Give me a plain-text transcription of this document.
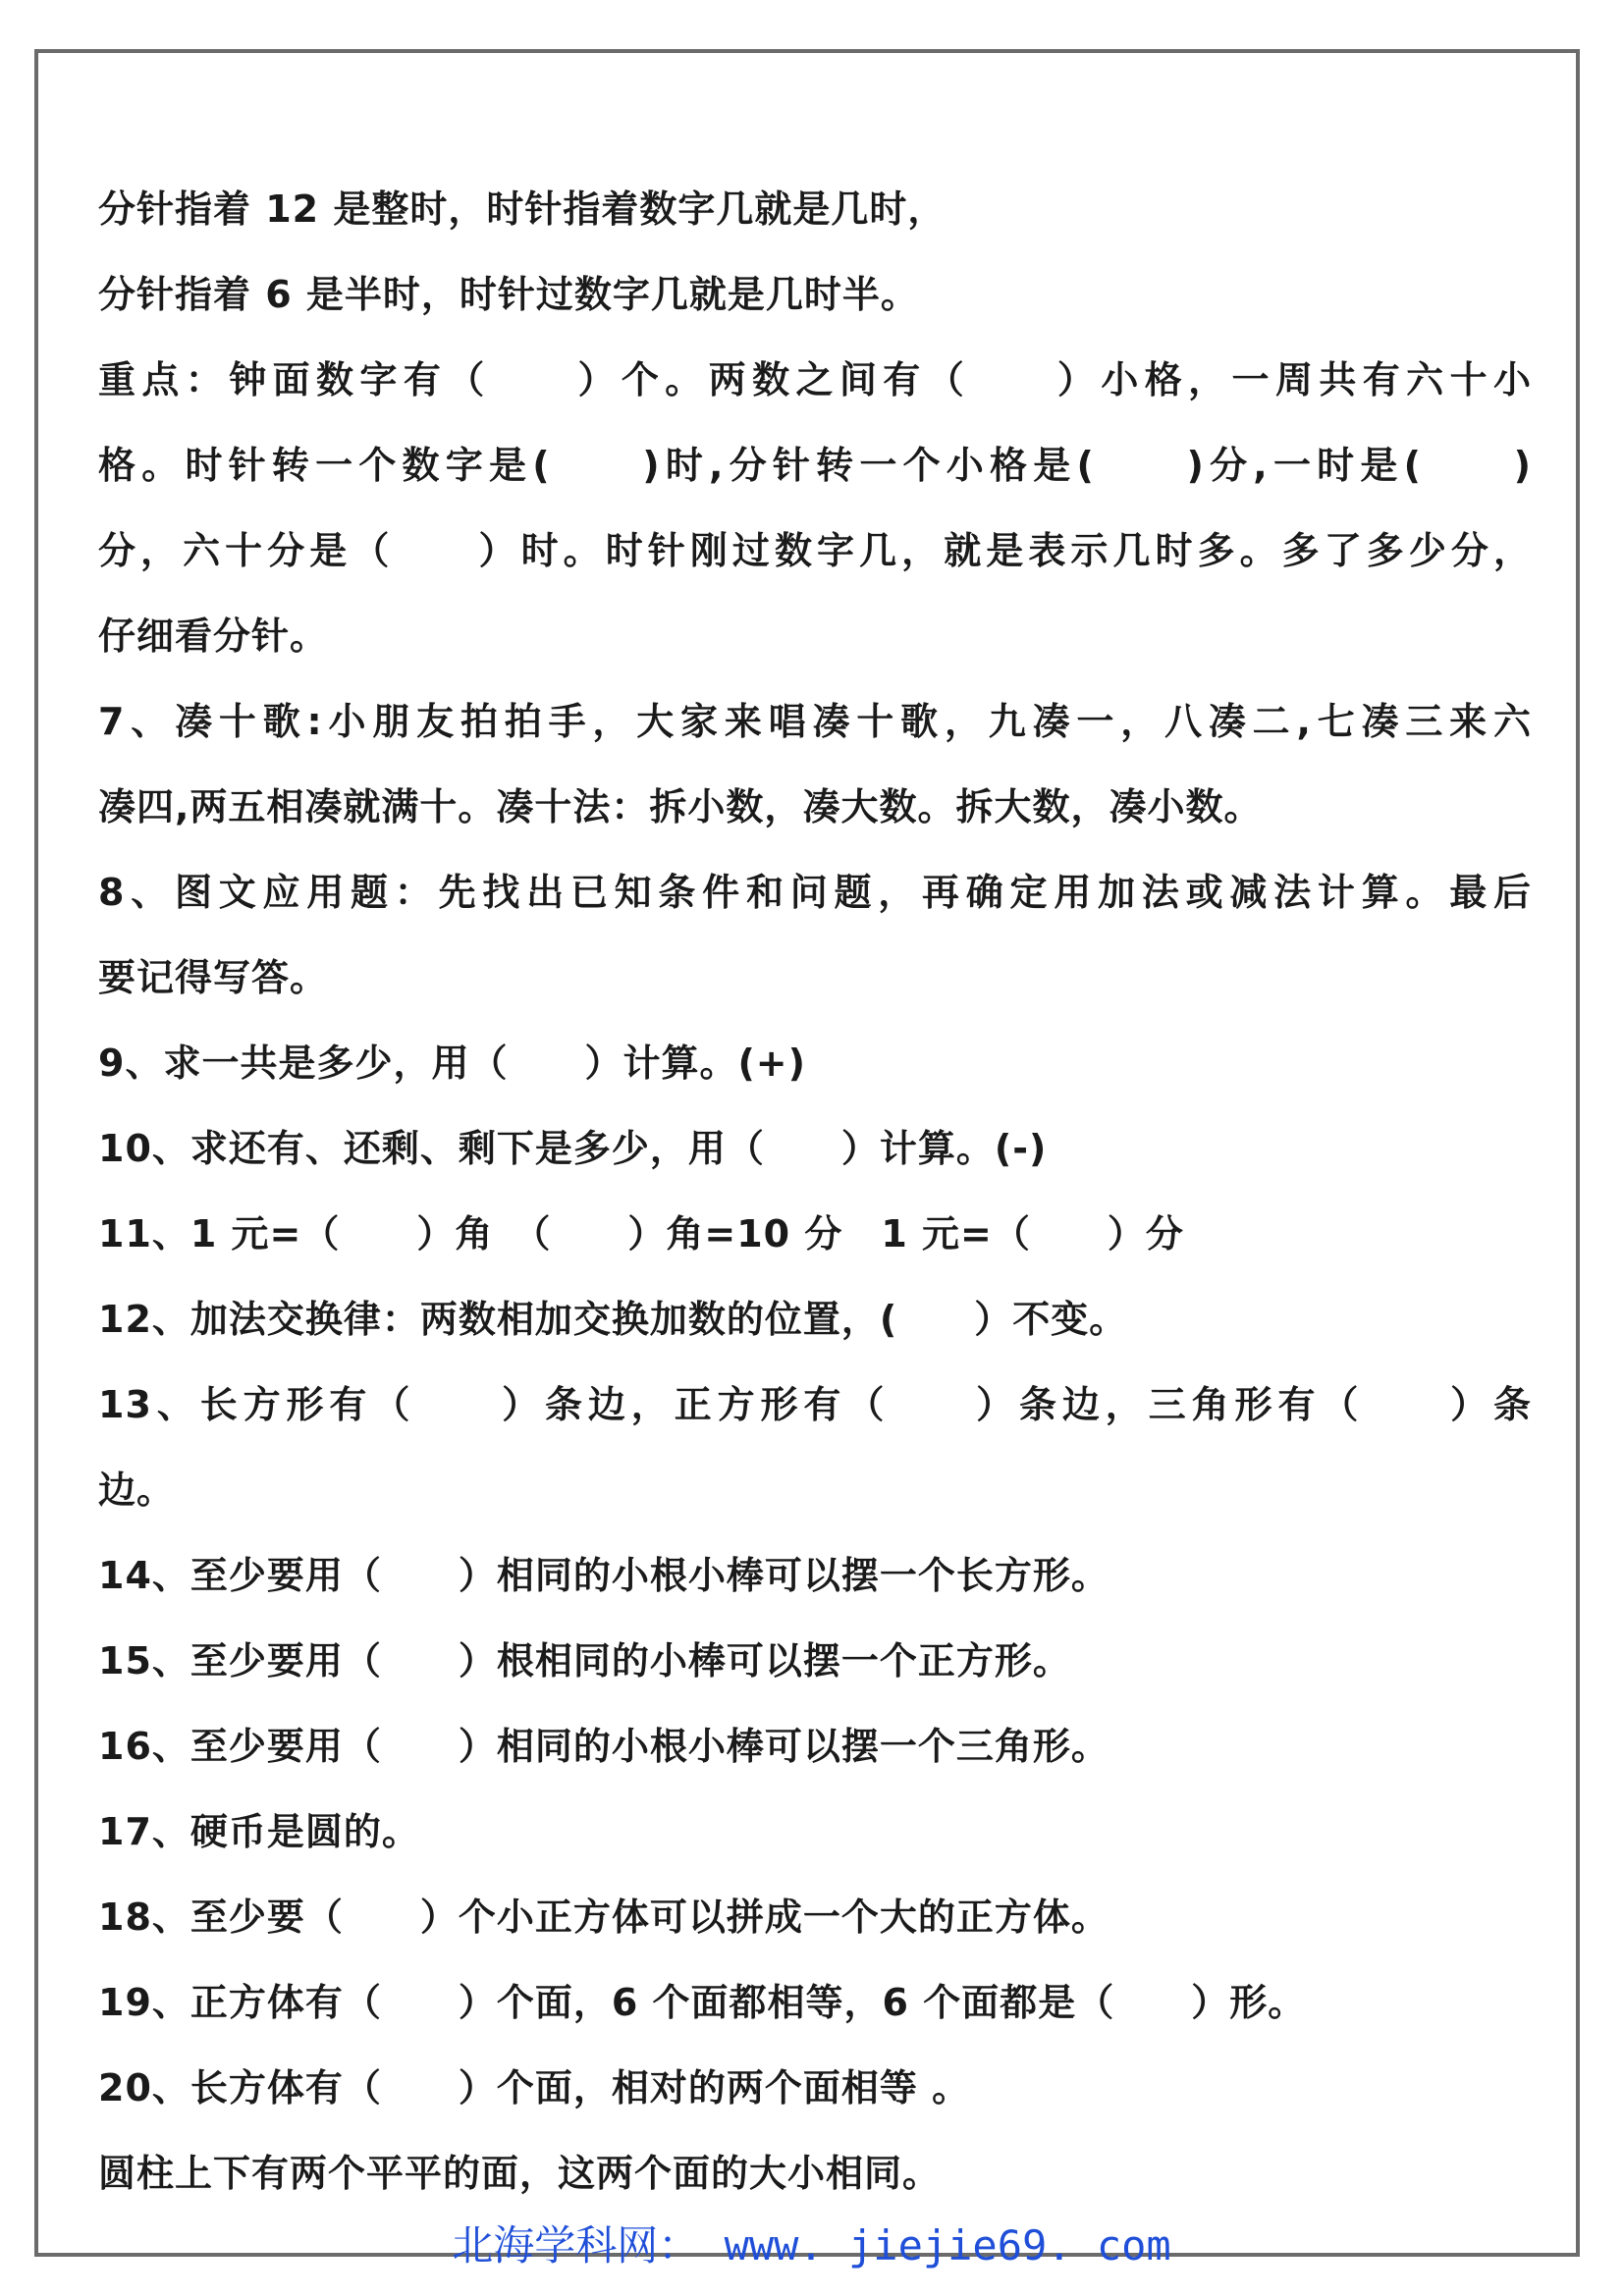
分针指着 12 是整时，时针指着数字几就是几时，

分针指着 6 是半时，时针过数字几就是几时半。

重点：钟面数字有（　　）个。两数之间有（　　）小格，一周共有六十小

格。时针转一个数字是(　　)时,分针转一个小格是(　　)分,一时是(　　)

分，六十分是（　　）时。时针刚过数字几，就是表示几时多。多了多少分，

仔细看分针。

7、凑十歌:小朋友拍拍手，大家来唱凑十歌，九凑一，八凑二,七凑三来六

凑四,两五相凑就满十。凑十法：拆小数，凑大数。拆大数，凑小数。

8、图文应用题：先找出已知条件和问题，再确定用加法或减法计算。最后

要记得写答。

9、求一共是多少，用（　　）计算。(+)

10、求还有、还剩、剩下是多少，用（　　）计算。(-)

11、1 元=（　　）角　（　　）角=10 分　1 元=（　　）分

12、加法交换律：两数相加交换加数的位置，(　　）不变。

13、长方形有（　　）条边，正方形有（　　）条边，三角形有（　　）条

边。

14、至少要用（　　）相同的小根小棒可以摆一个长方形。

15、至少要用（　　）根相同的小棒可以摆一个正方形。

16、至少要用（　　）相同的小根小棒可以摆一个三角形。

17、硬币是圆的。

18、至少要（　　）个小正方体可以拼成一个大的正方体。

19、正方体有（　　）个面，6 个面都相等，6 个面都是（　　）形。

20、长方体有（　　）个面，相对的两个面相等 。

圆柱上下有两个平平的面，这两个面的大小相同。

北海学科网： www. jiejie69. com
